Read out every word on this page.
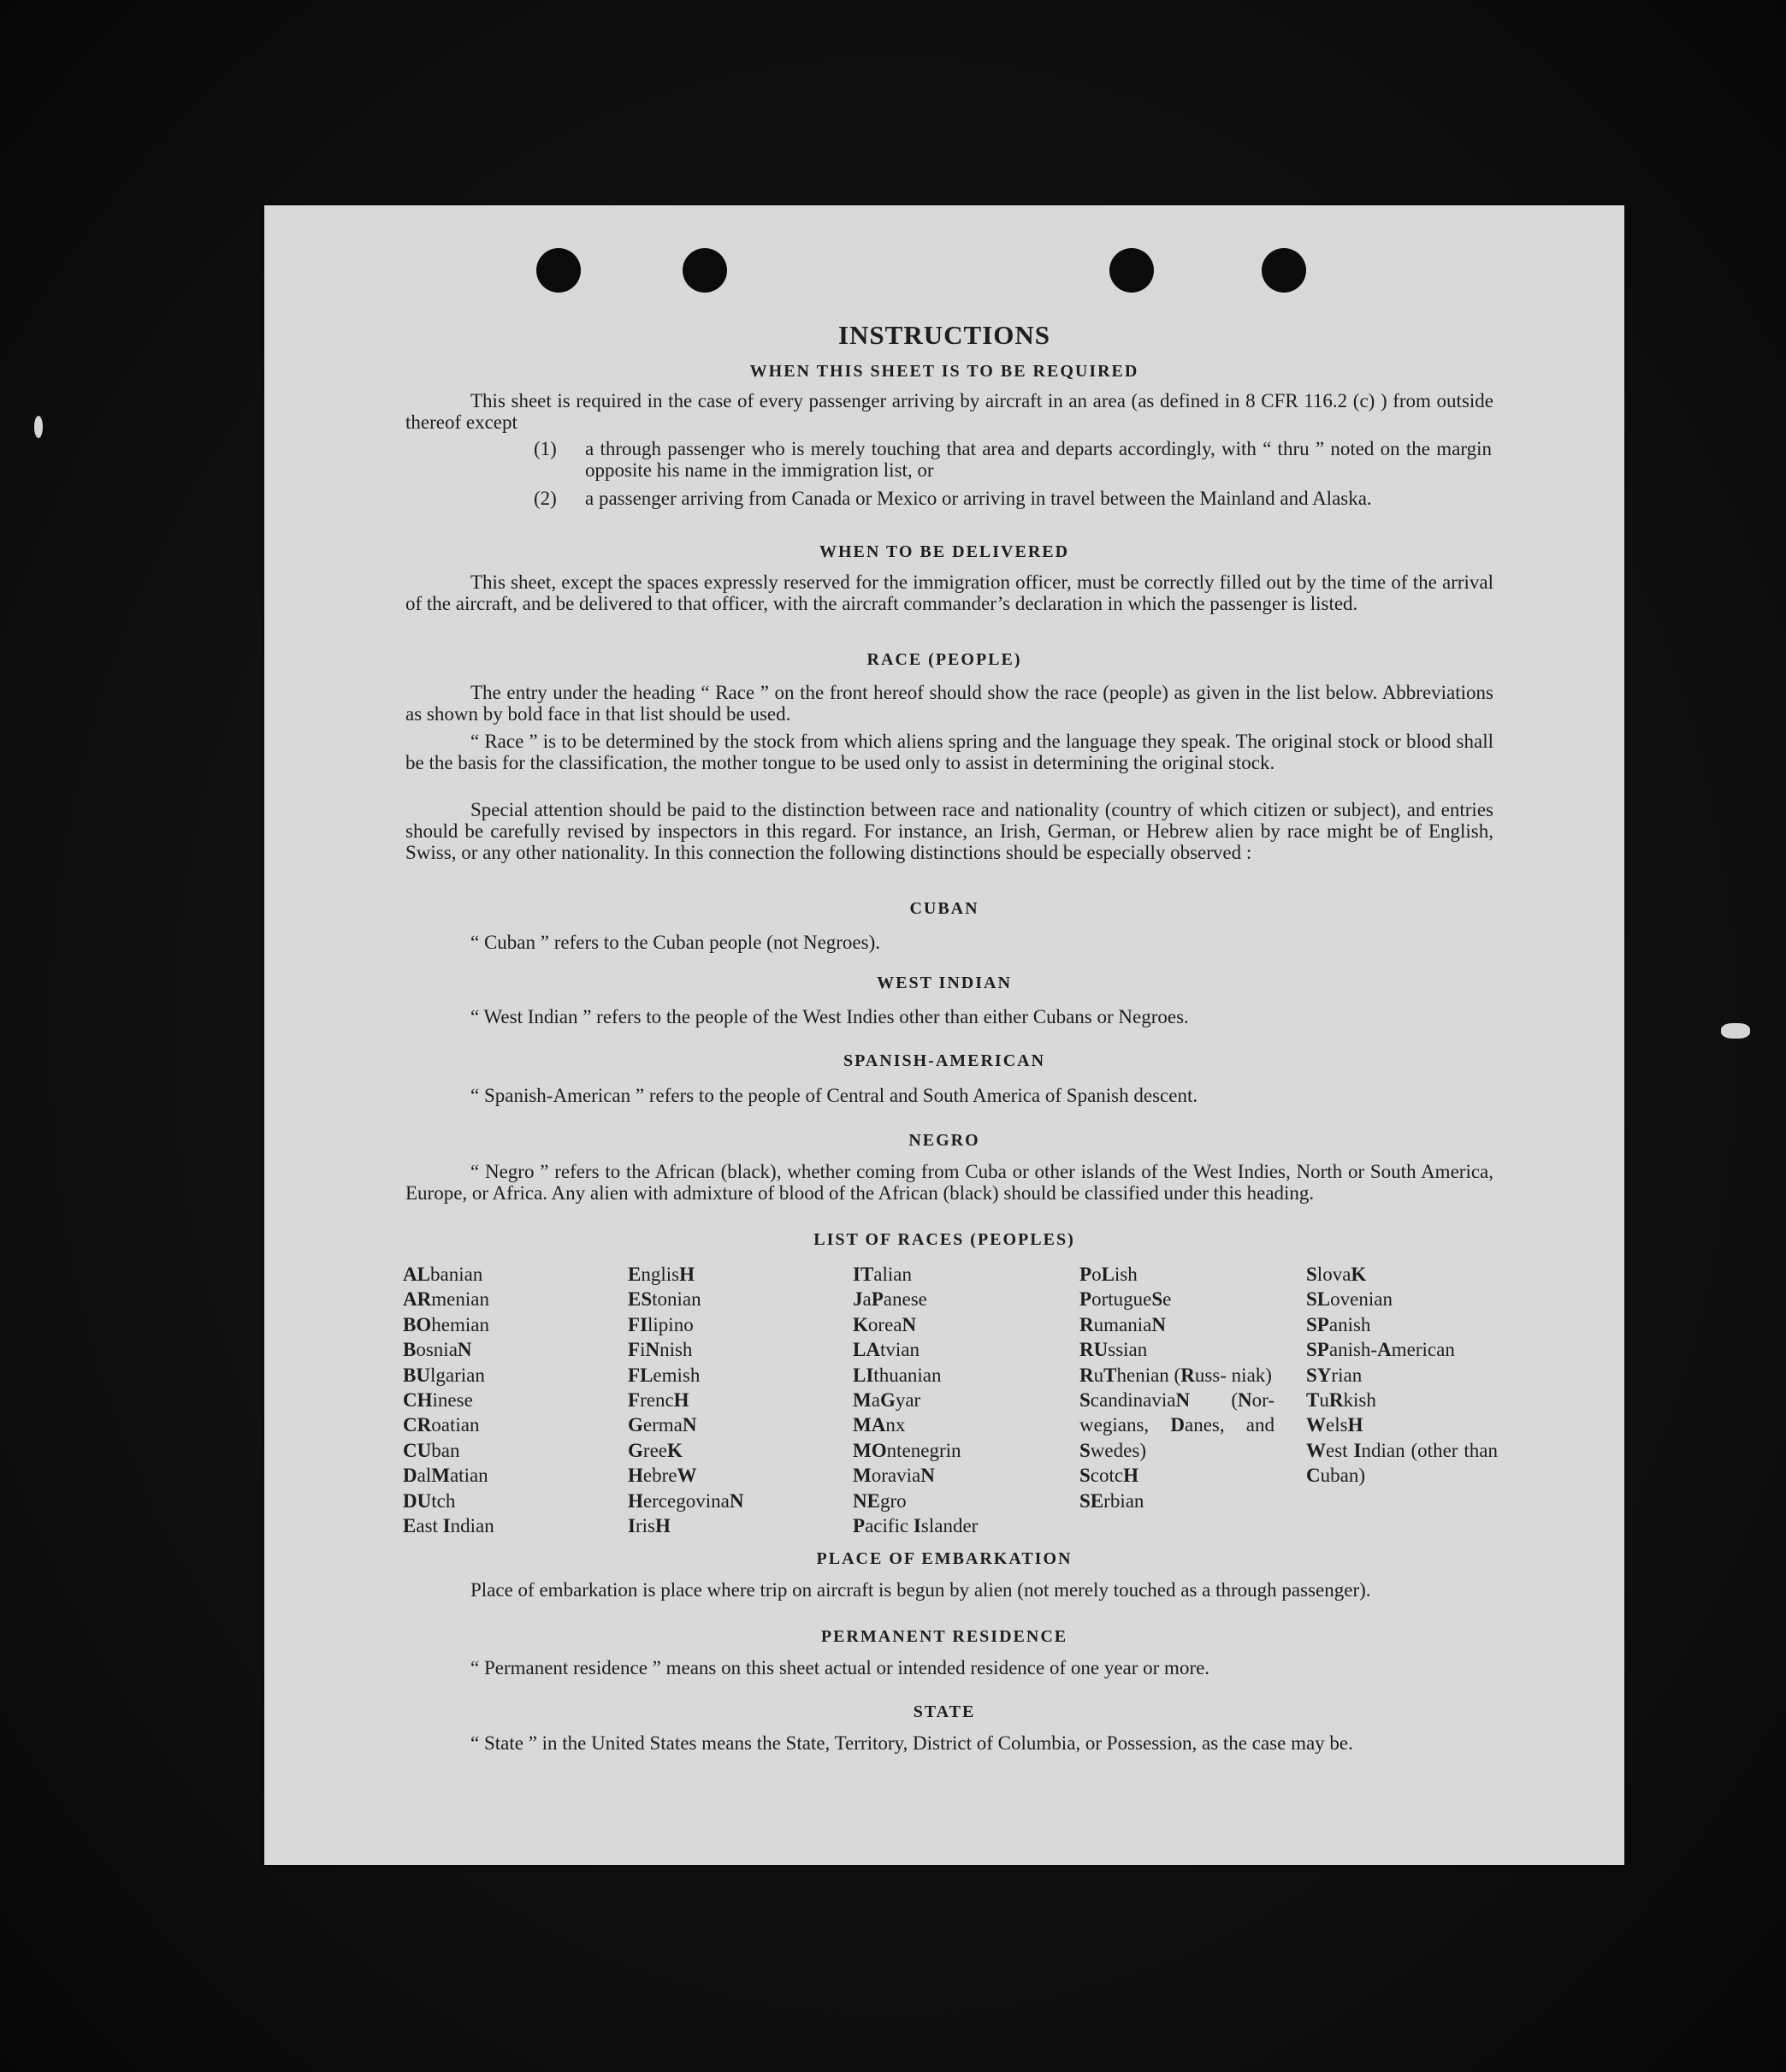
INSTRUCTIONS
WHEN THIS SHEET IS TO BE REQUIRED
This sheet is required in the case of every passenger arriving by aircraft in an area (as defined in 8 CFR 116.2 (c) ) from outside thereof except
(1)	a through passenger who is merely touching that area and departs accordingly, with “ thru ” noted on the margin opposite his name in the immigration list, or
(2)	a passenger arriving from Canada or Mexico or arriving in travel between the Mainland and Alaska.
WHEN TO BE DELIVERED
This sheet, except the spaces expressly reserved for the immigration officer, must be correctly filled out by the time of the arrival of the aircraft, and be delivered to that officer, with the aircraft commander’s declaration in which the passenger is listed.
RACE (PEOPLE)
The entry under the heading “ Race ” on the front hereof should show the race (people) as given in the list below. Abbreviations as shown by bold face in that list should be used.
“ Race ” is to be determined by the stock from which aliens spring and the language they speak. The original stock or blood shall be the basis for the classification, the mother tongue to be used only to assist in determining the original stock.
Special attention should be paid to the distinction between race and nationality (country of which citizen or subject), and entries should be carefully revised by inspectors in this regard. For instance, an Irish, German, or Hebrew alien by race might be of English, Swiss, or any other nationality. In this connection the following distinctions should be especially observed :
CUBAN
“ Cuban ” refers to the Cuban people (not Negroes).
WEST INDIAN
“ West Indian ” refers to the people of the West Indies other than either Cubans or Negroes.
SPANISH-AMERICAN
“ Spanish-American ” refers to the people of Central and South America of Spanish descent.
NEGRO
“ Negro ” refers to the African (black), whether coming from Cuba or other islands of the West Indies, North or South America, Europe, or Africa. Any alien with admixture of blood of the African (black) should be classified under this heading.
LIST OF RACES (PEOPLES)
ALbanian
ARmenian
BOhemian
BosniaN
BUlgarian
CHinese
CRoatian
CUban
DalMatian
DUtch
East Indian
EnglisH
EStonian
FIlipino
FiNnish
FLemish
FrencH
GermaN
GreeK
HebreW
HercegovinaN
IrisH
ITalian
JaPanese
KoreaN
LAtvian
LIthuanian
MaGyar
MAnx
MOntenegrin
MoraviaN
NEgro
Pacific Islander
PoLish
PortugueSe
RumaniaN
RUssian
RuThenian (Russ- niak)
ScandinaviaN (Nor- wegians, Danes, and Swedes)
ScotcH
SErbian
SlovaK
SLovenian
SPanish
SPanish-American
SYrian
TuRkish
WelsH
West Indian (other than Cuban)
PLACE OF EMBARKATION
Place of embarkation is place where trip on aircraft is begun by alien (not merely touched as a through passenger).
PERMANENT RESIDENCE
“ Permanent residence ” means on this sheet actual or intended residence of one year or more.
STATE
“ State ” in the United States means the State, Territory, District of Columbia, or Possession, as the case may be.
